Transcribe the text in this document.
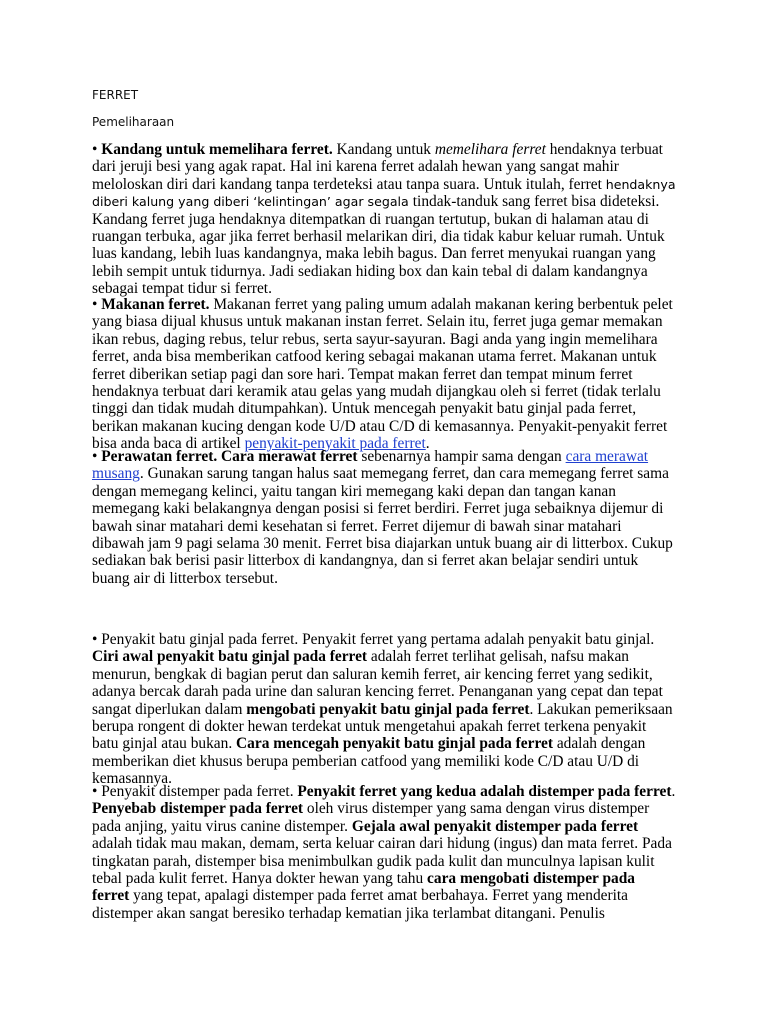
FERRET
Pemeliharaan
• Kandang untuk memelihara ferret. Kandang untuk memelihara ferret hendaknya terbuat dari jeruji besi yang agak rapat. Hal ini karena ferret adalah hewan yang sangat mahir meloloskan diri dari kandang tanpa terdeteksi atau tanpa suara. Untuk itulah, ferret hendaknya diberi kalung yang diberi ‘kelintingan’ agar segala tindak-tanduk sang ferret bisa dideteksi. Kandang ferret juga hendaknya ditempatkan di ruangan tertutup, bukan di halaman atau di ruangan terbuka, agar jika ferret berhasil melarikan diri, dia tidak kabur keluar rumah. Untuk luas kandang, lebih luas kandangnya, maka lebih bagus. Dan ferret menyukai ruangan yang lebih sempit untuk tidurnya. Jadi sediakan hiding box dan kain tebal di dalam kandangnya sebagai tempat tidur si ferret.
• Makanan ferret. Makanan ferret yang paling umum adalah makanan kering berbentuk pelet yang biasa dijual khusus untuk makanan instan ferret. Selain itu, ferret juga gemar memakan ikan rebus, daging rebus, telur rebus, serta sayur-sayuran. Bagi anda yang ingin memelihara ferret, anda bisa memberikan catfood kering sebagai makanan utama ferret. Makanan untuk ferret diberikan setiap pagi dan sore hari. Tempat makan ferret dan tempat minum ferret hendaknya terbuat dari keramik atau gelas yang mudah dijangkau oleh si ferret (tidak terlalu tinggi dan tidak mudah ditumpahkan). Untuk mencegah penyakit batu ginjal pada ferret, berikan makanan kucing dengan kode U/D atau C/D di kemasannya. Penyakit-penyakit ferret bisa anda baca di artikel penyakit-penyakit pada ferret.
• Perawatan ferret. Cara merawat ferret sebenarnya hampir sama dengan cara merawat musang. Gunakan sarung tangan halus saat memegang ferret, dan cara memegang ferret sama dengan memegang kelinci, yaitu tangan kiri memegang kaki depan dan tangan kanan memegang kaki belakangnya dengan posisi si ferret berdiri. Ferret juga sebaiknya dijemur di bawah sinar matahari demi kesehatan si ferret. Ferret dijemur di bawah sinar matahari dibawah jam 9 pagi selama 30 menit. Ferret bisa diajarkan untuk buang air di litterbox. Cukup sediakan bak berisi pasir litterbox di kandangnya, dan si ferret akan belajar sendiri untuk buang air di litterbox tersebut.
• Penyakit batu ginjal pada ferret. Penyakit ferret yang pertama adalah penyakit batu ginjal. Ciri awal penyakit batu ginjal pada ferret adalah ferret terlihat gelisah, nafsu makan menurun, bengkak di bagian perut dan saluran kemih ferret, air kencing ferret yang sedikit, adanya bercak darah pada urine dan saluran kencing ferret. Penanganan yang cepat dan tepat sangat diperlukan dalam mengobati penyakit batu ginjal pada ferret. Lakukan pemeriksaan berupa rongent di dokter hewan terdekat untuk mengetahui apakah ferret terkena penyakit batu ginjal atau bukan. Cara mencegah penyakit batu ginjal pada ferret adalah dengan memberikan diet khusus berupa pemberian catfood yang memiliki kode C/D atau U/D di kemasannya.
• Penyakit distemper pada ferret. Penyakit ferret yang kedua adalah distemper pada ferret. Penyebab distemper pada ferret oleh virus distemper yang sama dengan virus distemper pada anjing, yaitu virus canine distemper. Gejala awal penyakit distemper pada ferret adalah tidak mau makan, demam, serta keluar cairan dari hidung (ingus) dan mata ferret. Pada tingkatan parah, distemper bisa menimbulkan gudik pada kulit dan munculnya lapisan kulit tebal pada kulit ferret. Hanya dokter hewan yang tahu cara mengobati distemper pada ferret yang tepat, apalagi distemper pada ferret amat berbahaya. Ferret yang menderita distemper akan sangat beresiko terhadap kematian jika terlambat ditangani. Penulis
